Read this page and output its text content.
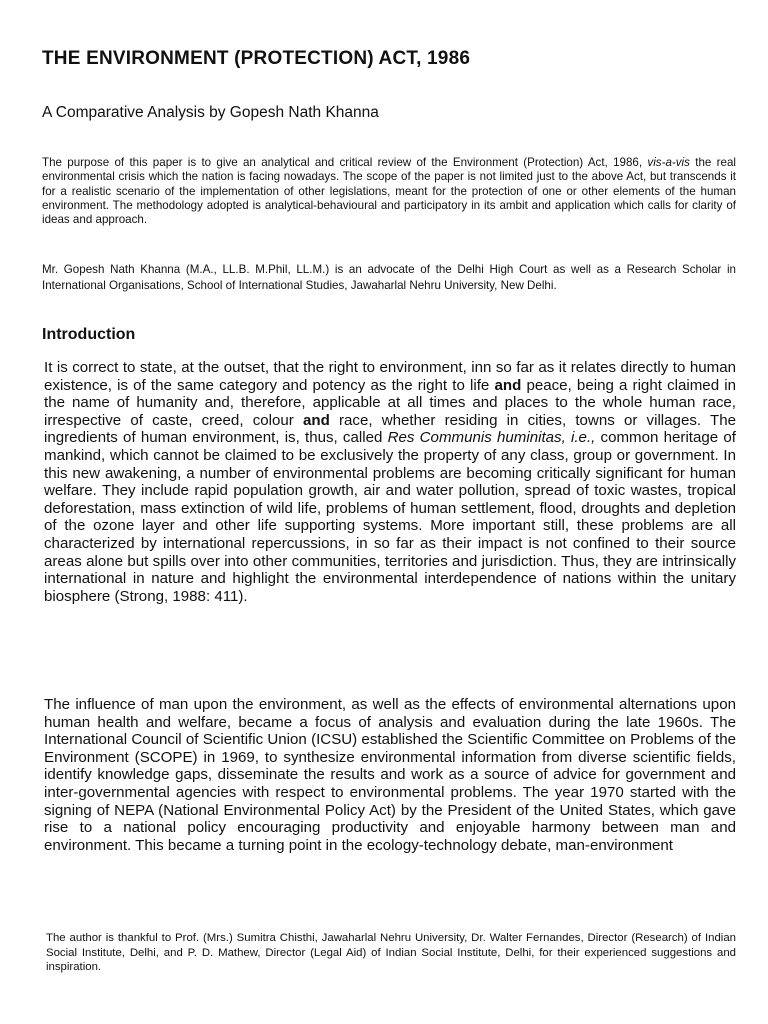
THE ENVIRONMENT (PROTECTION) ACT, 1986

A Comparative Analysis by Gopesh Nath Khanna

The purpose of this paper is to give an analytical and critical review of the Environment (Protection) Act, 1986, vis-a-vis the real environmental crisis which the nation is facing nowadays. The scope of the paper is not limited just to the above Act, but transcends it for a realistic scenario of the implementation of other legislations, meant for the protection of one or other elements of the human environment. The methodology adopted is analytical-behavioural and participatory in its ambit and application which calls for clarity of ideas and approach.

Mr. Gopesh Nath Khanna (M.A., LL.B. M.Phil, LL.M.) is an advocate of the Delhi High Court as well as a Research Scholar in International Organisations, School of International Studies, Jawaharlal Nehru University, New Delhi.

Introduction

It is correct to state, at the outset, that the right to environment, inn so far as it relates directly to human existence, is of the same category and potency as the right to life and peace, being a right claimed in the name of humanity and, therefore, applicable at all times and places to the whole human race, irrespective of caste, creed, colour and race, whether residing in cities, towns or villages. The ingredients of human environment, is, thus, called Res Communis huminitas, i.e., common heritage of mankind, which cannot be claimed to be exclusively the property of any class, group or government. In this new awakening, a number of environmental problems are becoming critically significant for human welfare. They include rapid population growth, air and water pollution, spread of toxic wastes, tropical deforestation, mass extinction of wild life, problems of human settlement, flood, droughts and depletion of the ozone layer and other life supporting systems. More important still, these problems are all characterized by international repercussions, in so far as their impact is not confined to their source areas alone but spills over into other communities, territories and jurisdiction. Thus, they are intrinsically international in nature and highlight the environmental interdependence of nations within the unitary biosphere (Strong, 1988: 411).

The influence of man upon the environment, as well as the effects of environmental alternations upon human health and welfare, became a focus of analysis and evaluation during the late 1960s. The International Council of Scientific Union (ICSU) established the Scientific Committee on Problems of the Environment (SCOPE) in 1969, to synthesize environmental information from diverse scientific fields, identify knowledge gaps, disseminate the results and work as a source of advice for government and inter-governmental agencies with respect to environmental problems. The year 1970 started with the signing of NEPA (National Environmental Policy Act) by the President of the United States, which gave rise to a national policy encouraging productivity and enjoyable harmony between man and environment. This became a turning point in the ecology-technology debate, man-environment

The author is thankful to Prof. (Mrs.) Sumitra Chisthi, Jawaharlal Nehru University, Dr. Walter Fernandes, Director (Research) of Indian Social Institute, Delhi, and P. D. Mathew, Director (Legal Aid) of Indian Social Institute, Delhi, for their experienced suggestions and inspiration.
